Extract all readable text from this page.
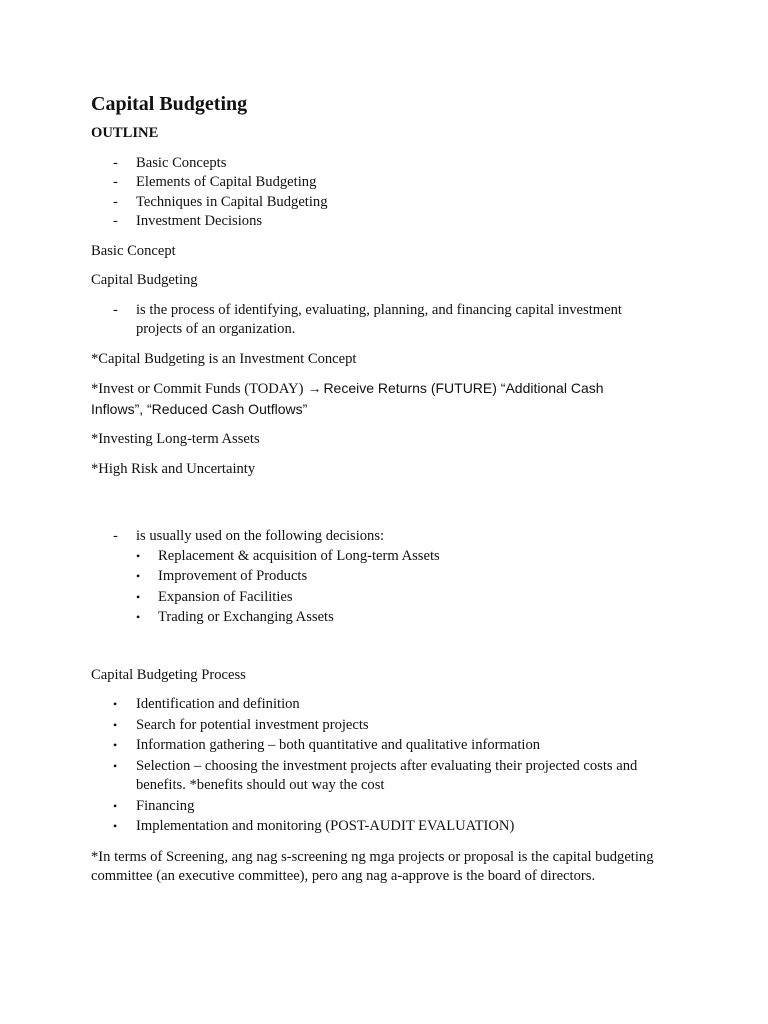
Capital Budgeting
OUTLINE
- Basic Concepts
- Elements of Capital Budgeting
- Techniques in Capital Budgeting
- Investment Decisions

Basic Concept

Capital Budgeting

- is the process of identifying, evaluating, planning, and financing capital investment
projects of an organization.

*Capital Budgeting is an Investment Concept

*Invest or Commit Funds (TODAY) → Receive Returns (FUTURE) “Additional Cash
Inflows”, “Reduced Cash Outflows”

*Investing Long-term Assets

*High Risk and Uncertainty

- is usually used on the following decisions:
• Replacement & acquisition of Long-term Assets
• Improvement of Products
• Expansion of Facilities
• Trading or Exchanging Assets

Capital Budgeting Process

• Identification and definition
• Search for potential investment projects
• Information gathering – both quantitative and qualitative information
• Selection – choosing the investment projects after evaluating their projected costs and
benefits. *benefits should out way the cost
• Financing
• Implementation and monitoring (POST-AUDIT EVALUATION)

*In terms of Screening, ang nag s-screening ng mga projects or proposal is the capital budgeting
committee (an executive committee), pero ang nag a-approve is the board of directors.
